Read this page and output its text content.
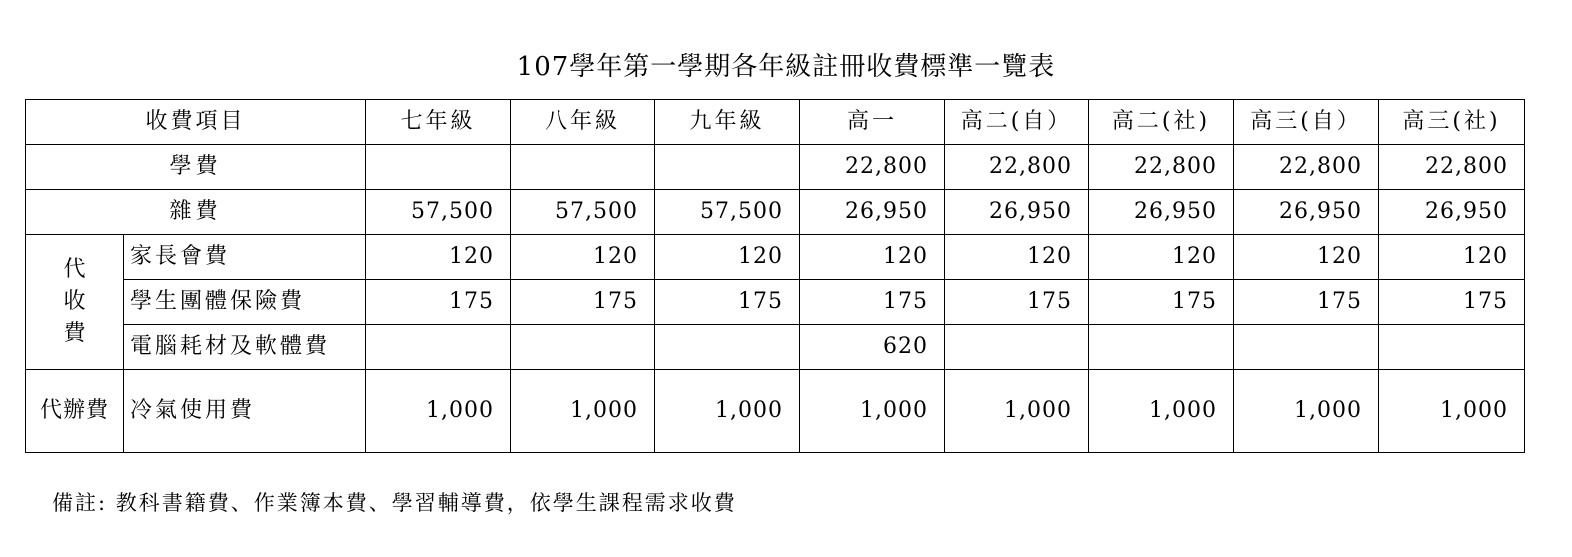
107學年第一學期各年級註冊收費標準一覽表
收費項目		七年級	八年級	九年級	高一	高二(自）	高二(社)	高三(自）	高三(社)
學費					22,800	22,800	22,800	22,800	22,800
雜費		57,500	57,500	57,500	26,950	26,950	26,950	26,950	26,950

代
收
費	家長會費	120	120	120	120	120	120	120	120
	學生團體保險費	175	175	175	175	175	175	175	175
	電腦耗材及軟體費				620				
代辦費	冷氣使用費	1,000	1,000	1,000	1,000	1,000	1,000	1,000	1,000
備註: 教科書籍費、作業簿本費、學習輔導費，依學生課程需求收費
